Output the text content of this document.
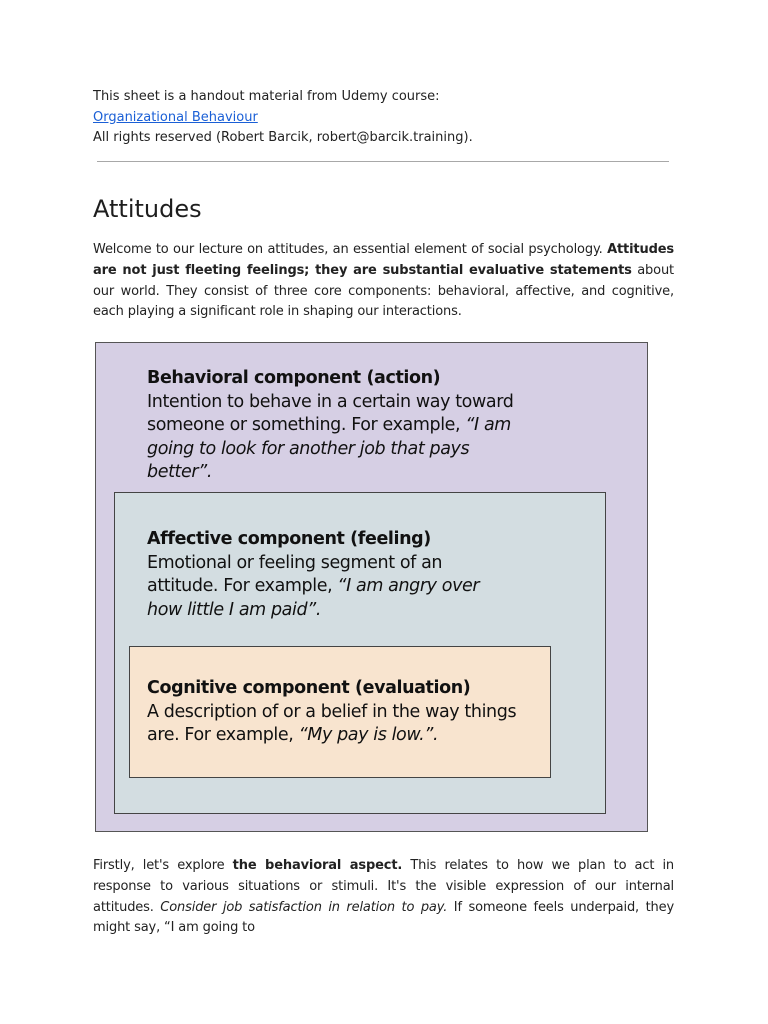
This sheet is a handout material from Udemy course:
Organizational Behaviour
All rights reserved (Robert Barcik, robert@barcik.training).
Attitudes

Welcome to our lecture on attitudes, an essential element of social psychology. Attitudes are not just fleeting feelings; they are substantial evaluative statements about our world. They consist of three core components: behavioral, affective, and cognitive, each playing a significant role in shaping our interactions.

Behavioral component (action)
Intention to behave in a certain way toward someone or something. For example, “I am going to look for another job that pays better”.
Affective component (feeling)
Emotional or feeling segment of an attitude. For example, “I am angry over how little I am paid”.
Cognitive component (evaluation)
A description of or a belief in the way things are. For example, “My pay is low.”.

Firstly, let's explore the behavioral aspect. This relates to how we plan to act in response to various situations or stimuli. It's the visible expression of our internal attitudes. Consider job satisfaction in relation to pay. If someone feels underpaid, they might say, “I am going to
